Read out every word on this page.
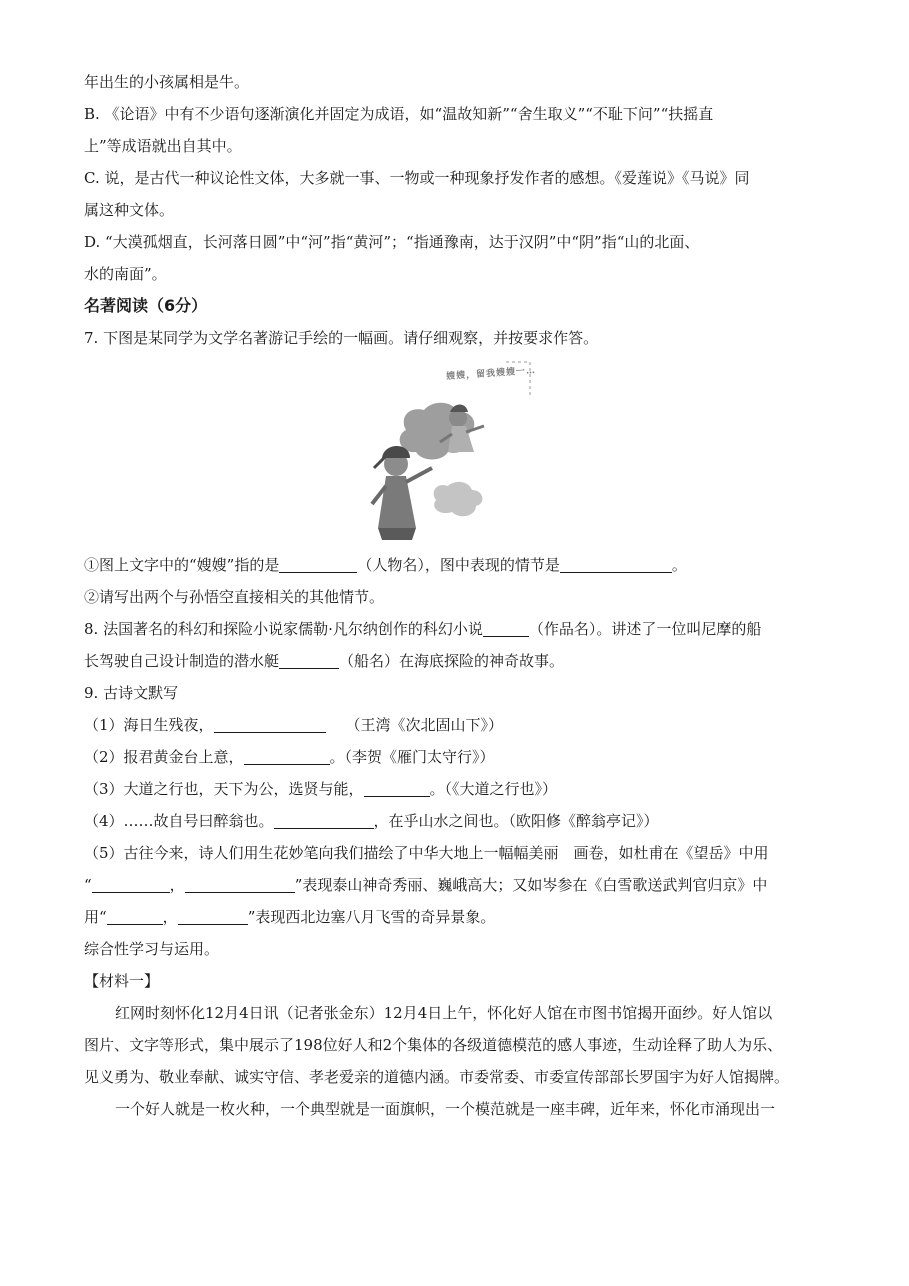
年出生的小孩属相是牛。
B. 《论语》中有不少语句逐渐演化并固定为成语，如“温故知新”“舍生取义”“不耻下问”“扶摇直
上”等成语就出自其中。
C. 说，是古代一种议论性文体，大多就一事、一物或一种现象抒发作者的感想。《爱莲说》《马说》同
属这种文体。
D. “大漠孤烟直，长河落日圆”中“河”指“黄河”；“指通豫南，达于汉阴”中“阴”指“山的北面、
水的南面”。
名著阅读（6分）
7. 下图是某同学为文学名著游记手绘的一幅画。请仔细观察，并按要求作答。
嫂嫂，留我嫂嫂一…
①图上文字中的“嫂嫂”指的是	（人物名），图中表现的情节是	。
②请写出两个与孙悟空直接相关的其他情节。
8. 法国著名的科幻和探险小说家儒勒·凡尔纳创作的科幻小说	（作品名）。讲述了一位叫尼摩的船
长驾驶自己设计制造的潜水艇	（船名）在海底探险的神奇故事。
9. 古诗文默写
（1）海日生残夜，	（王湾《次北固山下》）
（2）报君黄金台上意，	。（李贺《雁门太守行》）
（3）大道之行也，天下为公，选贤与能，	。（《大道之行也》）
（4）……故自号曰醉翁也。	，在乎山水之间也。（欧阳修《醉翁亭记》）
（5）古往今来，诗人们用生花妙笔向我们描绘了中华大地上一幅幅美丽　画卷，如杜甫在《望岳》中用
“	，	”表现泰山神奇秀丽、巍峨高大；又如岑参在《白雪歌送武判官归京》中
用“	，	”表现西北边塞八月飞雪的奇异景象。
综合性学习与运用。
【材料一】
红网时刻怀化12月4日讯（记者张金东）12月4日上午，怀化好人馆在市图书馆揭开面纱。好人馆以
图片、文字等形式，集中展示了198位好人和2个集体的各级道德模范的感人事迹，生动诠释了助人为乐、
见义勇为、敬业奉献、诚实守信、孝老爱亲的道德内涵。市委常委、市委宣传部部长罗国宇为好人馆揭牌。
一个好人就是一枚火种，一个典型就是一面旗帜，一个模范就是一座丰碑，近年来，怀化市涌现出一
